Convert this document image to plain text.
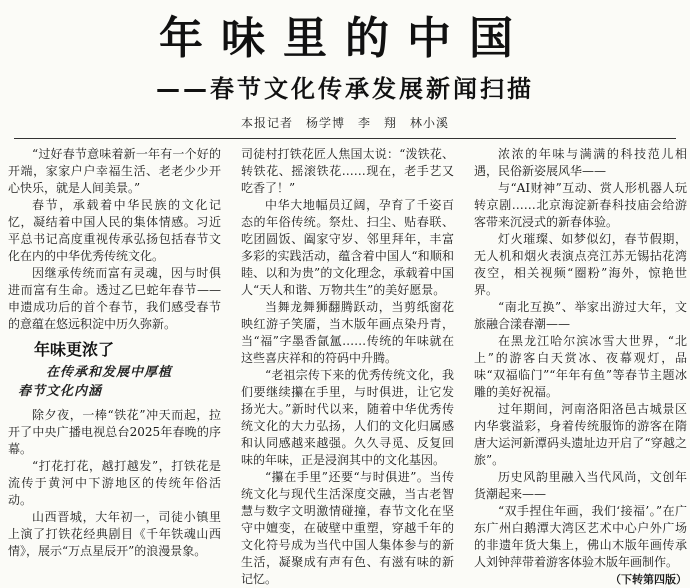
年味里的中国
——春节文化传承发展新闻扫描
本报记者　杨学博　李　翔　林小溪

“过好春节意味着新一年有一个好的开端，家家户户幸福生活、老老少少开心快乐，就是人间美景。”

春节，承载着中华民族的文化记忆，凝结着中国人民的集体情感。习近平总书记高度重视传承弘扬包括春节文化在内的中华优秀传统文化。

因继承传统而富有灵魂，因与时俱进而富有生命。透过乙巳蛇年春节——申遗成功后的首个春节，我们感受春节的意蕴在悠远积淀中历久弥新。

年味更浓了
在传承和发展中厚植
春节文化内涵

除夕夜，一棒“铁花”冲天而起，拉开了中央广播电视总台2025年春晚的序幕。

“打花打花，越打越发”，打铁花是流传于黄河中下游地区的传统年俗活动。

山西晋城，大年初一，司徒小镇里上演了打铁花经典剧目《千年铁魂山西情》，展示“万点星辰开”的浪漫景象。

司徒村打铁花匠人焦国太说：“泼铁花、转铁花、摇滚铁花……现在，老手艺又吃香了！”

中华大地幅员辽阔，孕育了千姿百态的年俗传统。祭灶、扫尘、贴春联、吃团圆饭、阖家守岁、邻里拜年，丰富多彩的实践活动，蕴含着中国人“和顺和睦、以和为贵”的文化理念，承载着中国人“天人和谐、万物共生”的美好愿景。

当舞龙舞狮翻腾跃动，当剪纸窗花映红游子笑靥，当木版年画点染丹青，当“福”字墨香氤氲……传统的年味就在这些喜庆祥和的符码中升腾。

“老祖宗传下来的优秀传统文化，我们要继续攥在手里，与时俱进，让它发扬光大。”新时代以来，随着中华优秀传统文化的大力弘扬，人们的文化归属感和认同感越来越强。久久寻觅、反复回味的年味，正是浸润其中的文化基因。

“攥在手里”还要“与时俱进”。当传统文化与现代生活深度交融，当古老智慧与数字文明激情碰撞，春节文化在坚守中嬗变，在破壁中重塑，穿越千年的文化符号成为当代中国人集体参与的新生活，凝聚成有声有色、有滋有味的新记忆。

浓浓的年味与满满的科技范儿相遇，民俗新姿展风华——

与“AI财神”互动、赏人形机器人玩转京剧……北京海淀新春科技庙会给游客带来沉浸式的新春体验。

灯火璀璨、如梦似幻，春节假期，无人机和烟火表演点亮江苏无锡拈花湾夜空，相关视频“圈粉”海外，惊艳世界。

“南北互换”、举家出游过大年，文旅融合漾春潮——

在黑龙江哈尔滨冰雪大世界，“北上”的游客白天赏冰、夜幕观灯，品味“双福临门”“年年有鱼”等春节主题冰雕的美好祝福。

过年期间，河南洛阳洛邑古城景区内华裳溢彩，身着传统服饰的游客在隋唐大运河新潭码头遗址边开启了“穿越之旅”。

历史风韵里融入当代风尚，文创年货潮起来——

“双手捏住年画，我们‘接福’。”在广东广州白鹅潭大湾区艺术中心户外广场的非遗年货大集上，佛山木版年画传承人刘钟萍带着游客体验木版年画制作。
（下转第四版）
